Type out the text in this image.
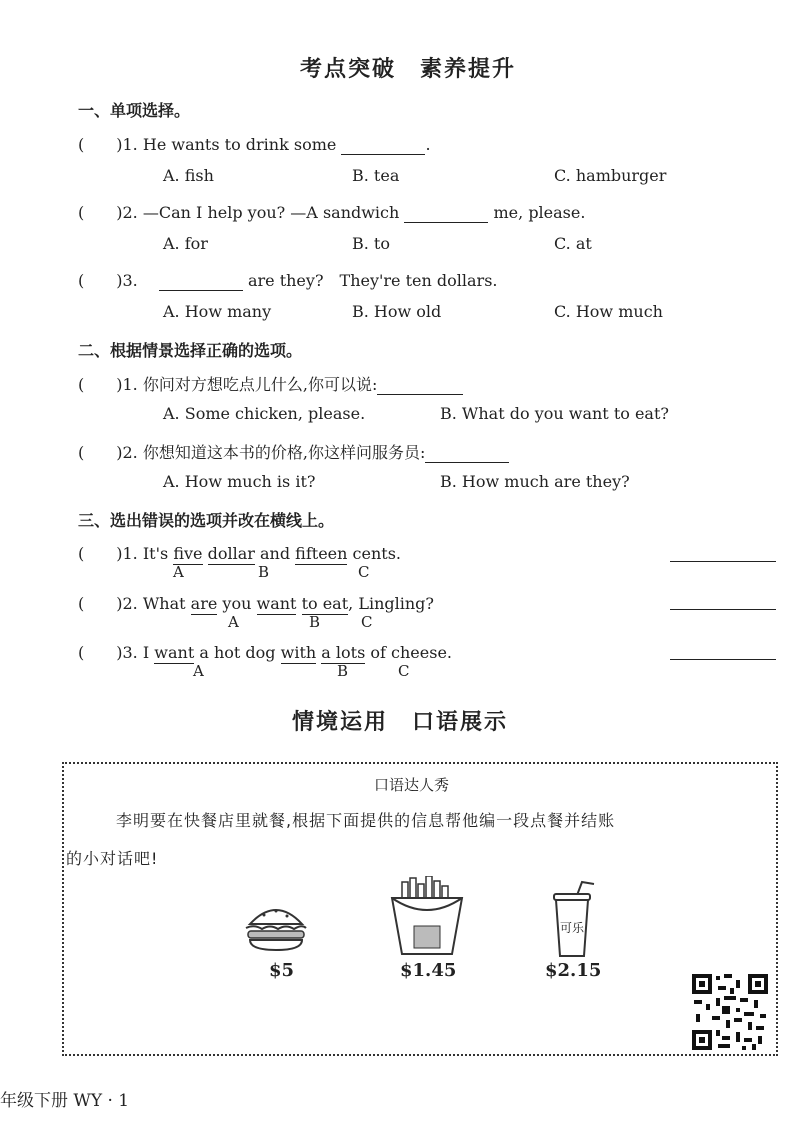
考点突破　素养提升
一、单项选择。
(　　)1. He wants to drink some	.
A. fish	B. tea	C. hamburger
(　　)2. —Can I help you? —A sandwich	me, please.
A. for	B. to	C. at
(　　)3.	are they?　They're ten dollars.
A. How many	B. How old	C. How much
二、根据情景选择正确的选项。
(　　)1. 你问对方想吃点儿什么,你可以说:
A. Some chicken, please.	B. What do you want to eat?
(　　)2. 你想知道这本书的价格,你这样问服务员:
A. How much is it?	B. How much are they?
三、选出错误的选项并改在横线上。
(　　)1. It's five dollar and fifteen cents.
A	B	C
(　　)2. What are you want to eat, Lingling?
A	B	C
(　　)3. I want a hot dog with a lots of cheese.
A	B	C
情境运用　口语展示
口语达人秀
李明要在快餐店里就餐,根据下面提供的信息帮他编一段点餐并结账
的小对话吧!
可乐
$5	$1.45	$2.15
年级下册 WY · 1
